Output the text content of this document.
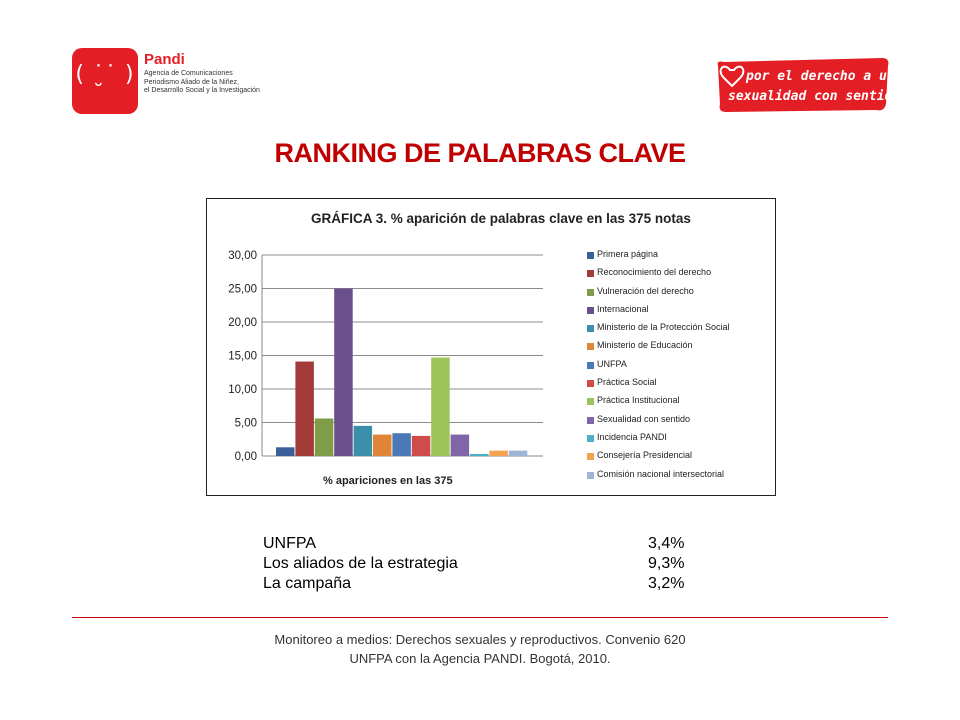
( ˙̮˙ )
Pandi
Agencia de Comunicaciones
Periodismo Aliado de la Niñez,
el Desarrollo Social y la Investigación
por el derecho a una
sexualidad con sentido
RANKING DE PALABRAS CLAVE
30,00
25,00
20,00
15,00
10,00
5,00
0,00
GRÁFICA 3. % aparición de palabras clave en las 375 notas
% apariciones en las 375
Primera página
Reconocimiento del derecho
Vulneración del derecho
Internacional
Ministerio de la Protección Social
Ministerio de Educación
UNFPA
Práctica Social
Práctica Institucional
Sexualidad con sentido
Incidencia PANDI
Consejería Presidencial
Comisión nacional intersectorial
UNFPA	3,4%
Los aliados de la estrategia	9,3%
La campaña	3,2%
Monitoreo a medios: Derechos sexuales y reproductivos. Convenio 620
UNFPA con la Agencia PANDI. Bogotá, 2010.
